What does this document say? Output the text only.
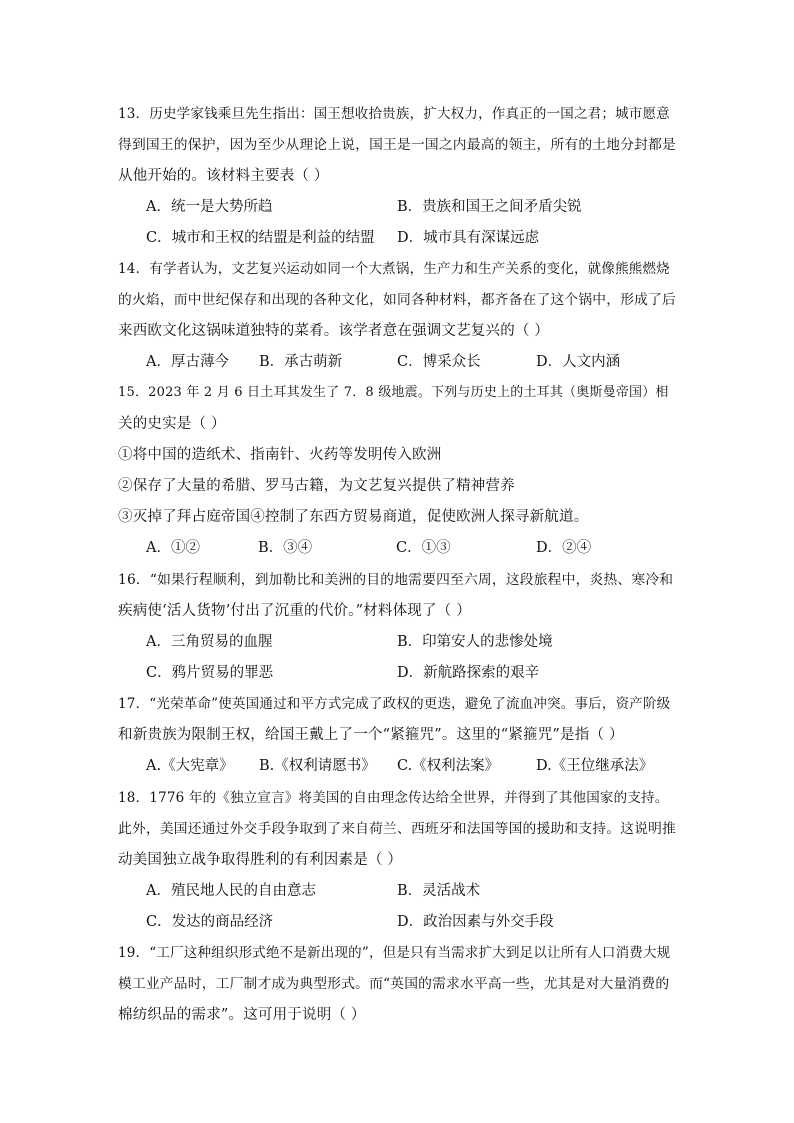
13．历史学家钱乘旦先生指出：国王想收拾贵族，扩大权力，作真正的一国之君；城市愿意
得到国王的保护，因为至少从理论上说，国王是一国之内最高的领主，所有的土地分封都是
从他开始的。该材料主要表（ ）
A．统一是大势所趋	B．贵族和国王之间矛盾尖锐
C．城市和王权的结盟是利益的结盟 D．城市具有深谋远虑
14．有学者认为，文艺复兴运动如同一个大煮锅，生产力和生产关系的变化，就像熊熊燃烧
的火焰，而中世纪保存和出现的各种文化，如同各种材料，都齐备在了这个锅中，形成了后
来西欧文化这锅味道独特的菜肴。该学者意在强调文艺复兴的（ ）
A．厚古薄今 B．承古萌新	C．博采众长	D．人文内涵
15．2023 年 2 月 6 日土耳其发生了 7．8 级地震。下列与历史上的土耳其（奥斯曼帝国）相
关的史实是（ ）
①将中国的造纸术、指南针、火药等发明传入欧洲
②保存了大量的希腊、罗马古籍，为文艺复兴提供了精神营养
③灭掉了拜占庭帝国④控制了东西方贸易商道，促使欧洲人探寻新航道。
A．①②	B．③④	C．①③	D．②④
16．“如果行程顺利，到加勒比和美洲的目的地需要四至六周，这段旅程中，炎热、寒冷和
疾病使‘活人货物’付出了沉重的代价。”材料体现了（ ）
A．三角贸易的血腥	B．印第安人的悲惨处境
C．鸦片贸易的罪恶	D．新航路探索的艰辛
17．“光荣革命”使英国通过和平方式完成了政权的更迭，避免了流血冲突。事后，资产阶级
和新贵族为限制王权，给国王戴上了一个“紧箍咒”。这里的“紧箍咒”是指（ ）
A.《大宪章》 B.《权利请愿书》 C.《权利法案》	D.《王位继承法》
18．1776 年的《独立宣言》将美国的自由理念传达给全世界，并得到了其他国家的支持。
此外，美国还通过外交手段争取到了来自荷兰、西班牙和法国等国的援助和支持。这说明推
动美国独立战争取得胜利的有利因素是（ ）
A．殖民地人民的自由意志	B．灵活战术
C．发达的商品经济	D．政治因素与外交手段
19．“工厂这种组织形式绝不是新出现的”，但是只有当需求扩大到足以让所有人口消费大规
模工业产品时，工厂制才成为典型形式。而“英国的需求水平高一些，尤其是对大量消费的
棉纺织品的需求”。这可用于说明（ ）
